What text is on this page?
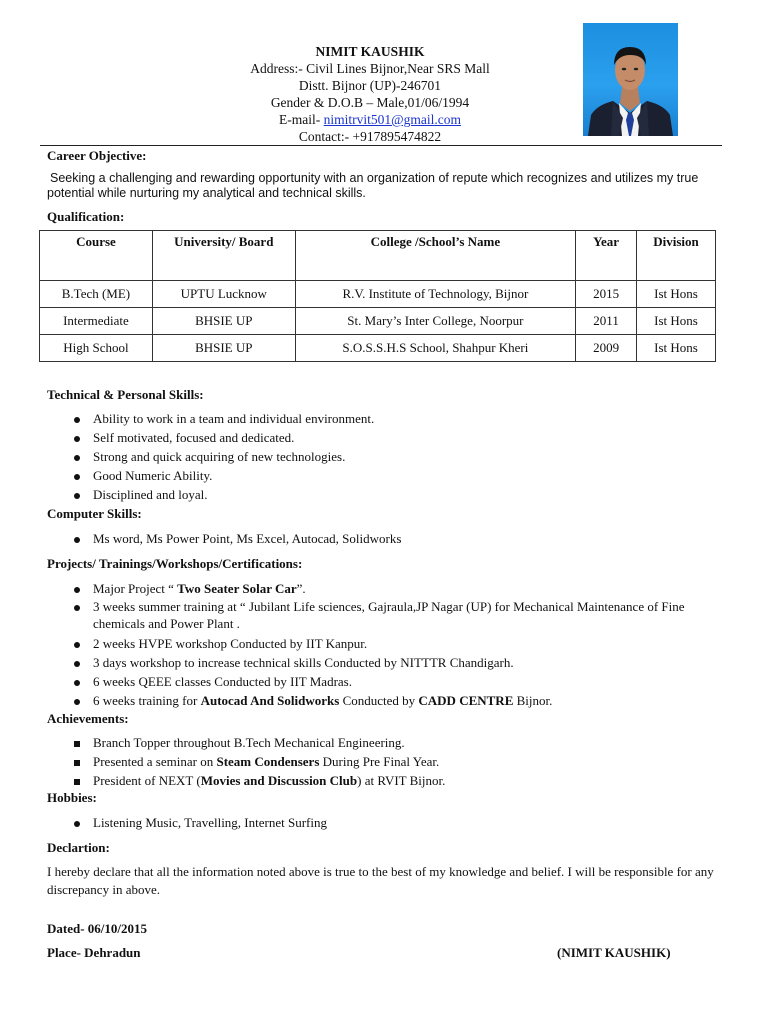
NIMIT KAUSHIK
Address:- Civil Lines Bijnor,Near SRS Mall
Distt. Bijnor (UP)-246701
Gender & D.O.B – Male,01/06/1994
E-mail- nimitrvit501@gmail.com
Contact:- +917895474822
Career Objective:
Seeking a challenging and rewarding opportunity with an organization of repute which recognizes and utilizes my true potential while nurturing my analytical and technical skills.
Qualification:
Course	University/ Board	College /School’s Name	Year	Division
B.Tech (ME)	UPTU Lucknow	R.V. Institute of Technology, Bijnor	2015	Ist Hons
Intermediate	BHSIE UP	St. Mary’s Inter College, Noorpur	2011	Ist Hons
High School	BHSIE UP	S.O.S.S.H.S School, Shahpur Kheri	2009	Ist Hons
Technical & Personal Skills:
Ability to work in a team and individual environment.
Self motivated, focused and dedicated.
Strong and quick acquiring of new technologies.
Good Numeric Ability.
Disciplined and loyal.
Computer Skills:
Ms word, Ms Power Point, Ms Excel, Autocad, Solidworks
Projects/ Trainings/Workshops/Certifications:
Major Project “ Two Seater Solar Car”.
3 weeks summer training at “ Jubilant Life sciences, Gajraula,JP Nagar (UP) for Mechanical Maintenance of Fine chemicals and Power Plant .
2 weeks HVPE workshop Conducted by IIT Kanpur.
3 days workshop to increase technical skills Conducted by NITTTR Chandigarh.
6 weeks QEEE classes Conducted by IIT Madras.
6 weeks training for Autocad And Solidworks Conducted by CADD CENTRE Bijnor.
Achievements:
Branch Topper throughout B.Tech Mechanical Engineering.
Presented a seminar on Steam Condensers During Pre Final Year.
President of NEXT (Movies and Discussion Club) at RVIT Bijnor.
Hobbies:
Listening Music, Travelling, Internet Surfing
Declartion:
I hereby declare that all the information noted above is true to the best of my knowledge and belief. I will be responsible for any discrepancy in above.
Dated- 06/10/2015
Place- Dehradun	(NIMIT KAUSHIK)
